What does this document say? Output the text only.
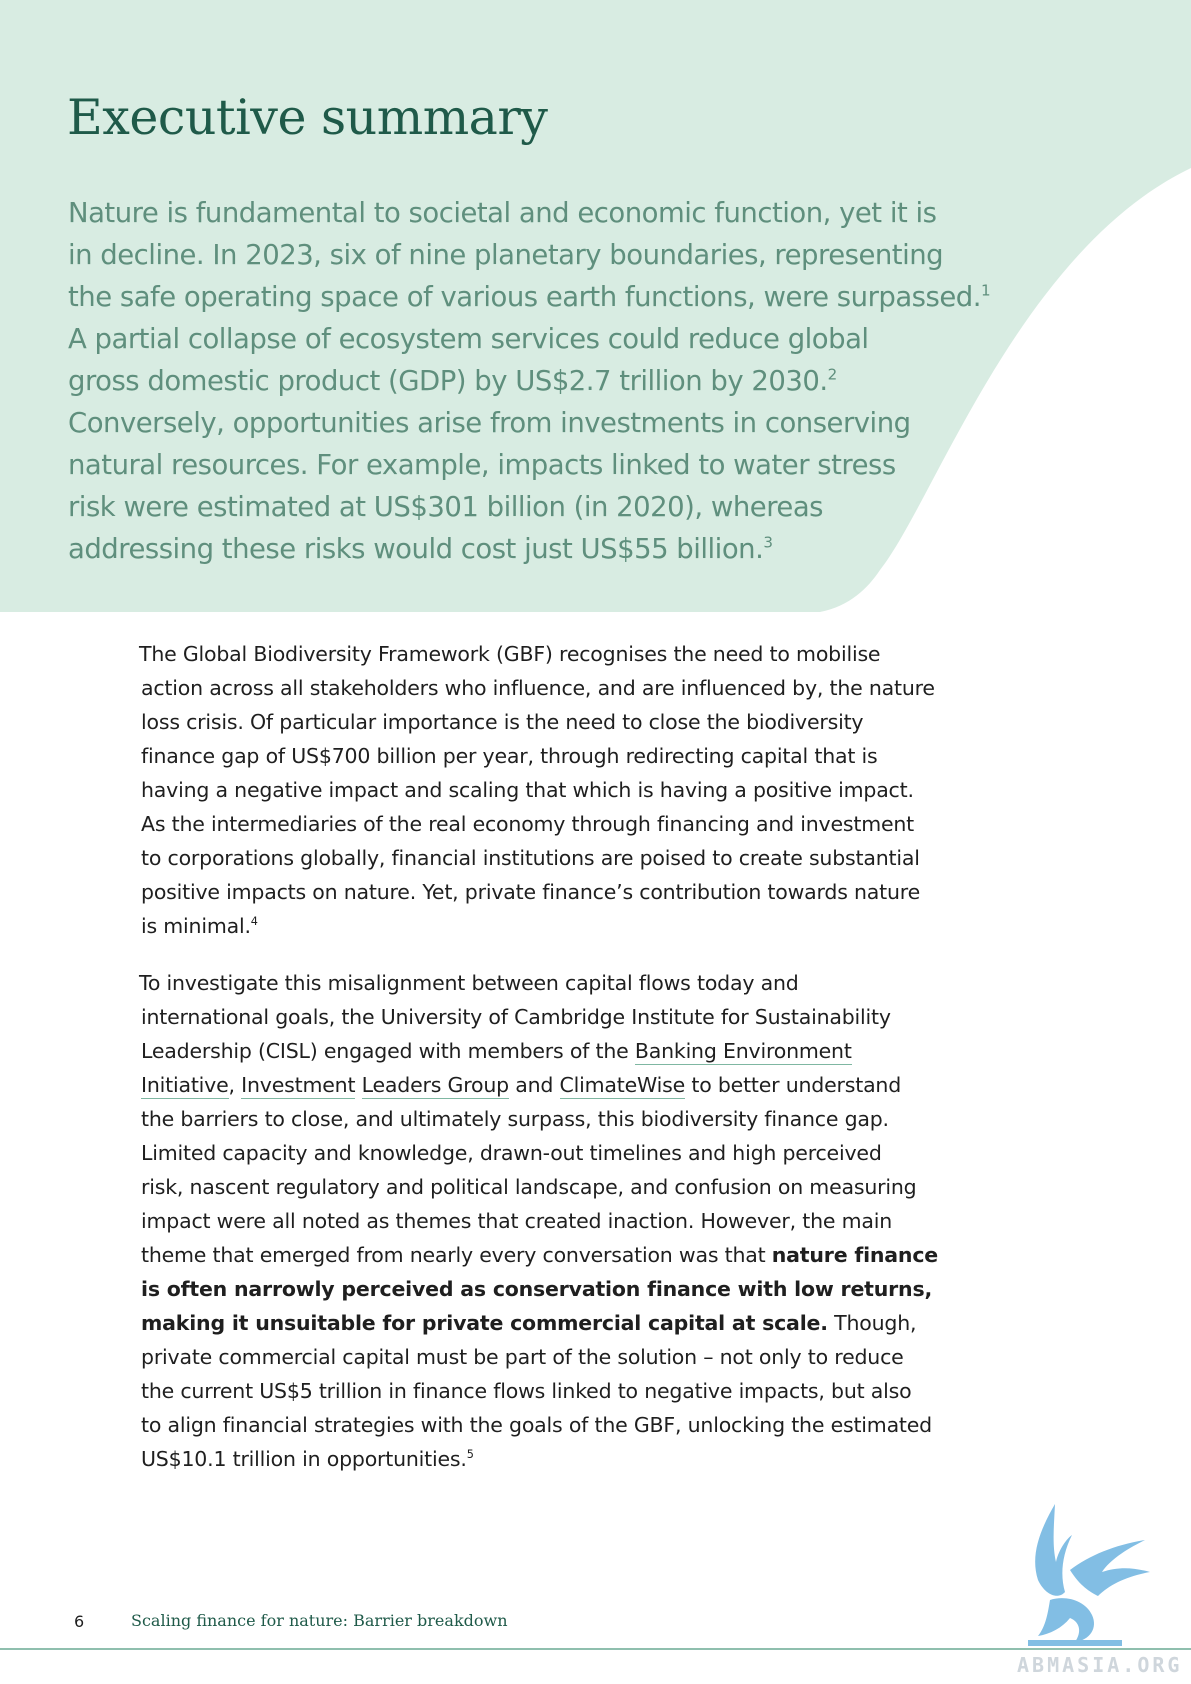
Executive summary

Nature is fundamental to societal and economic function, yet it is
in decline. In 2023, six of nine planetary boundaries, representing
the safe operating space of various earth functions, were surpassed.$^1$
A partial collapse of ecosystem services could reduce global
gross domestic product (GDP) by US$2.7 trillion by 2030.$^2$
Conversely, opportunities arise from investments in conserving
natural resources. For example, impacts linked to water stress
risk were estimated at US$301 billion (in 2020), whereas
addressing these risks would cost just US$55 billion.$^3$

The Global Biodiversity Framework (GBF) recognises the need to mobilise
action across all stakeholders who influence, and are influenced by, the nature
loss crisis. Of particular importance is the need to close the biodiversity
finance gap of US$700 billion per year, through redirecting capital that is
having a negative impact and scaling that which is having a positive impact.
As the intermediaries of the real economy through financing and investment
to corporations globally, financial institutions are poised to create substantial
positive impacts on nature. Yet, private finance’s contribution towards nature
is minimal.$^4$

To investigate this misalignment between capital flows today and
international goals, the University of Cambridge Institute for Sustainability
Leadership (CISL) engaged with members of the Banking Environment
Initiative, Investment Leaders Group and ClimateWise to better understand
the barriers to close, and ultimately surpass, this biodiversity finance gap.
Limited capacity and knowledge, drawn-out timelines and high perceived
risk, nascent regulatory and political landscape, and confusion on measuring
impact were all noted as themes that created inaction. However, the main
theme that emerged from nearly every conversation was that nature finance
is often narrowly perceived as conservation finance with low returns,
making it unsuitable for private commercial capital at scale. Though,
private commercial capital must be part of the solution – not only to reduce
the current US$5 trillion in finance flows linked to negative impacts, but also
to align financial strategies with the goals of the GBF, unlocking the estimated
US$10.1 trillion in opportunities.$^5$

6	Scaling finance for nature: Barrier breakdown

ABMASIA.ORG
